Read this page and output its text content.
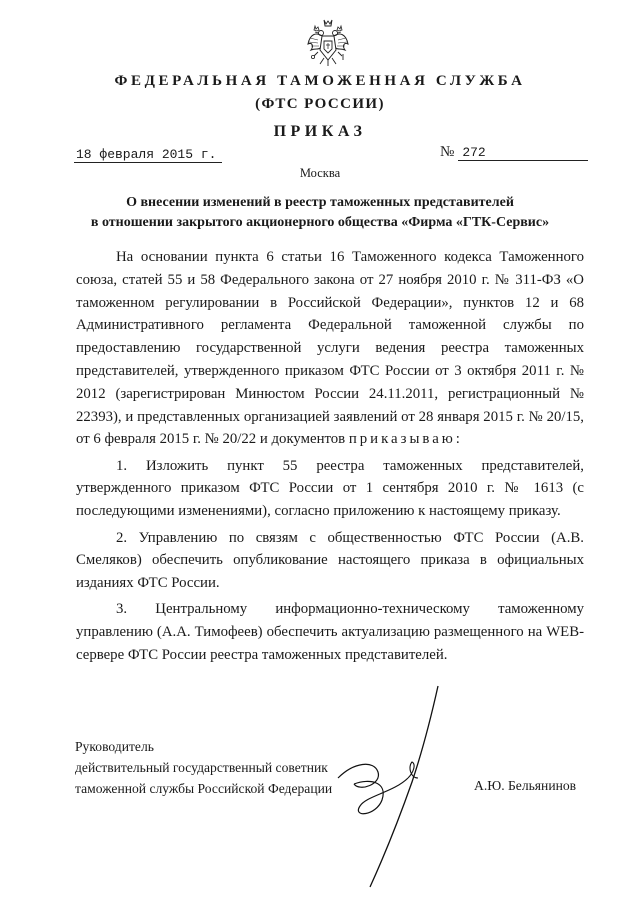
ФЕДЕРАЛЬНАЯ ТАМОЖЕННАЯ СЛУЖБА
(ФТС РОССИИ)
ПРИКАЗ
18 февраля 2015 г.	№ 272
Москва
О внесении изменений в реестр таможенных представителей
в отношении закрытого акционерного общества «Фирма «ГТК-Сервис»

На основании пункта 6 статьи 16 Таможенного кодекса Таможенного союза, статей 55 и 58 Федерального закона от 27 ноября 2010 г. № 311-ФЗ «О таможенном регулировании в Российской Федерации», пунктов 12 и 68 Административного регламента Федеральной таможенной службы по предоставлению государственной услуги ведения реестра таможенных представителей, утвержденного приказом ФТС России от 3 октября 2011 г. № 2012 (зарегистрирован Минюстом России 24.11.2011, регистрационный № 22393), и представленных организацией заявлений от 28 января 2015 г. № 20/15, от 6 февраля 2015 г. № 20/22 и документов приказываю:

1. Изложить пункт 55 реестра таможенных представителей, утвержденного приказом ФТС России от 1 сентября 2010 г. № 1613 (с последующими изменениями), согласно приложению к настоящему приказу.

2. Управлению по связям с общественностью ФТС России (А.В. Смеляков) обеспечить опубликование настоящего приказа в официальных изданиях ФТС России.

3. Центральному информационно-техническому таможенному управлению (А.А. Тимофеев) обеспечить актуализацию размещенного на WEB-сервере ФТС России реестра таможенных представителей.

Руководитель
действительный государственный советник
таможенной службы Российской Федерации	А.Ю. Бельянинов
